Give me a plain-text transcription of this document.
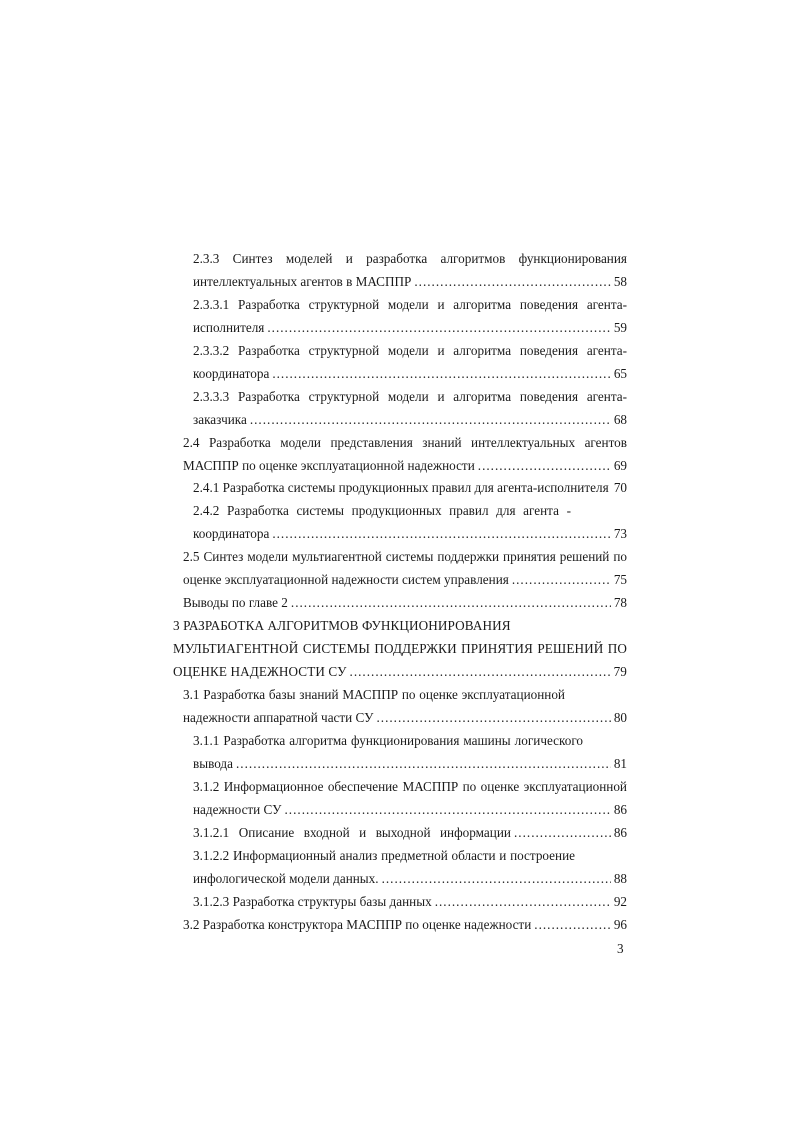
2.3.3 Синтез моделей и разработка алгоритмов функционирования
интеллектуальных агентов в МАСППР .....	58
2.3.3.1 Разработка структурной модели и алгоритма поведения агента-
исполнителя .....	59
2.3.3.2 Разработка структурной модели и алгоритма поведения агента-
координатора .....	65
2.3.3.3 Разработка структурной модели и алгоритма поведения агента-
заказчика .....	68
2.4 Разработка модели представления знаний интеллектуальных агентов
МАСППР по оценке эксплуатационной надежности .....	69
2.4.1 Разработка системы продукционных правил для агента-исполнителя 70
2.4.2 Разработка системы продукционных правил для агента -
координатора .....	73
2.5 Синтез модели мультиагентной системы поддержки принятия решений по
оценке эксплуатационной надежности систем управления .....	75
Выводы по главе 2 .....	78
3 РАЗРАБОТКА АЛГОРИТМОВ ФУНКЦИОНИРОВАНИЯ
МУЛЬТИАГЕНТНОЙ СИСТЕМЫ ПОДДЕРЖКИ ПРИНЯТИЯ РЕШЕНИЙ ПО
ОЦЕНКЕ НАДЕЖНОСТИ СУ .....	79
3.1 Разработка базы знаний МАСППР по оценке эксплуатационной
надежности аппаратной части СУ .....	80
3.1.1 Разработка алгоритма функционирования машины логического
вывода .....	81
3.1.2 Информационное обеспечение МАСППР по оценке эксплуатационной
надежности СУ .....	86
3.1.2.1 Описание входной и выходной информации .....	86
3.1.2.2 Информационный анализ предметной области и построение
инфологической модели данных. .....	88
3.1.2.3 Разработка структуры базы данных .....	92
3.2 Разработка конструктора МАСППР по оценке надежности .....	96
3
